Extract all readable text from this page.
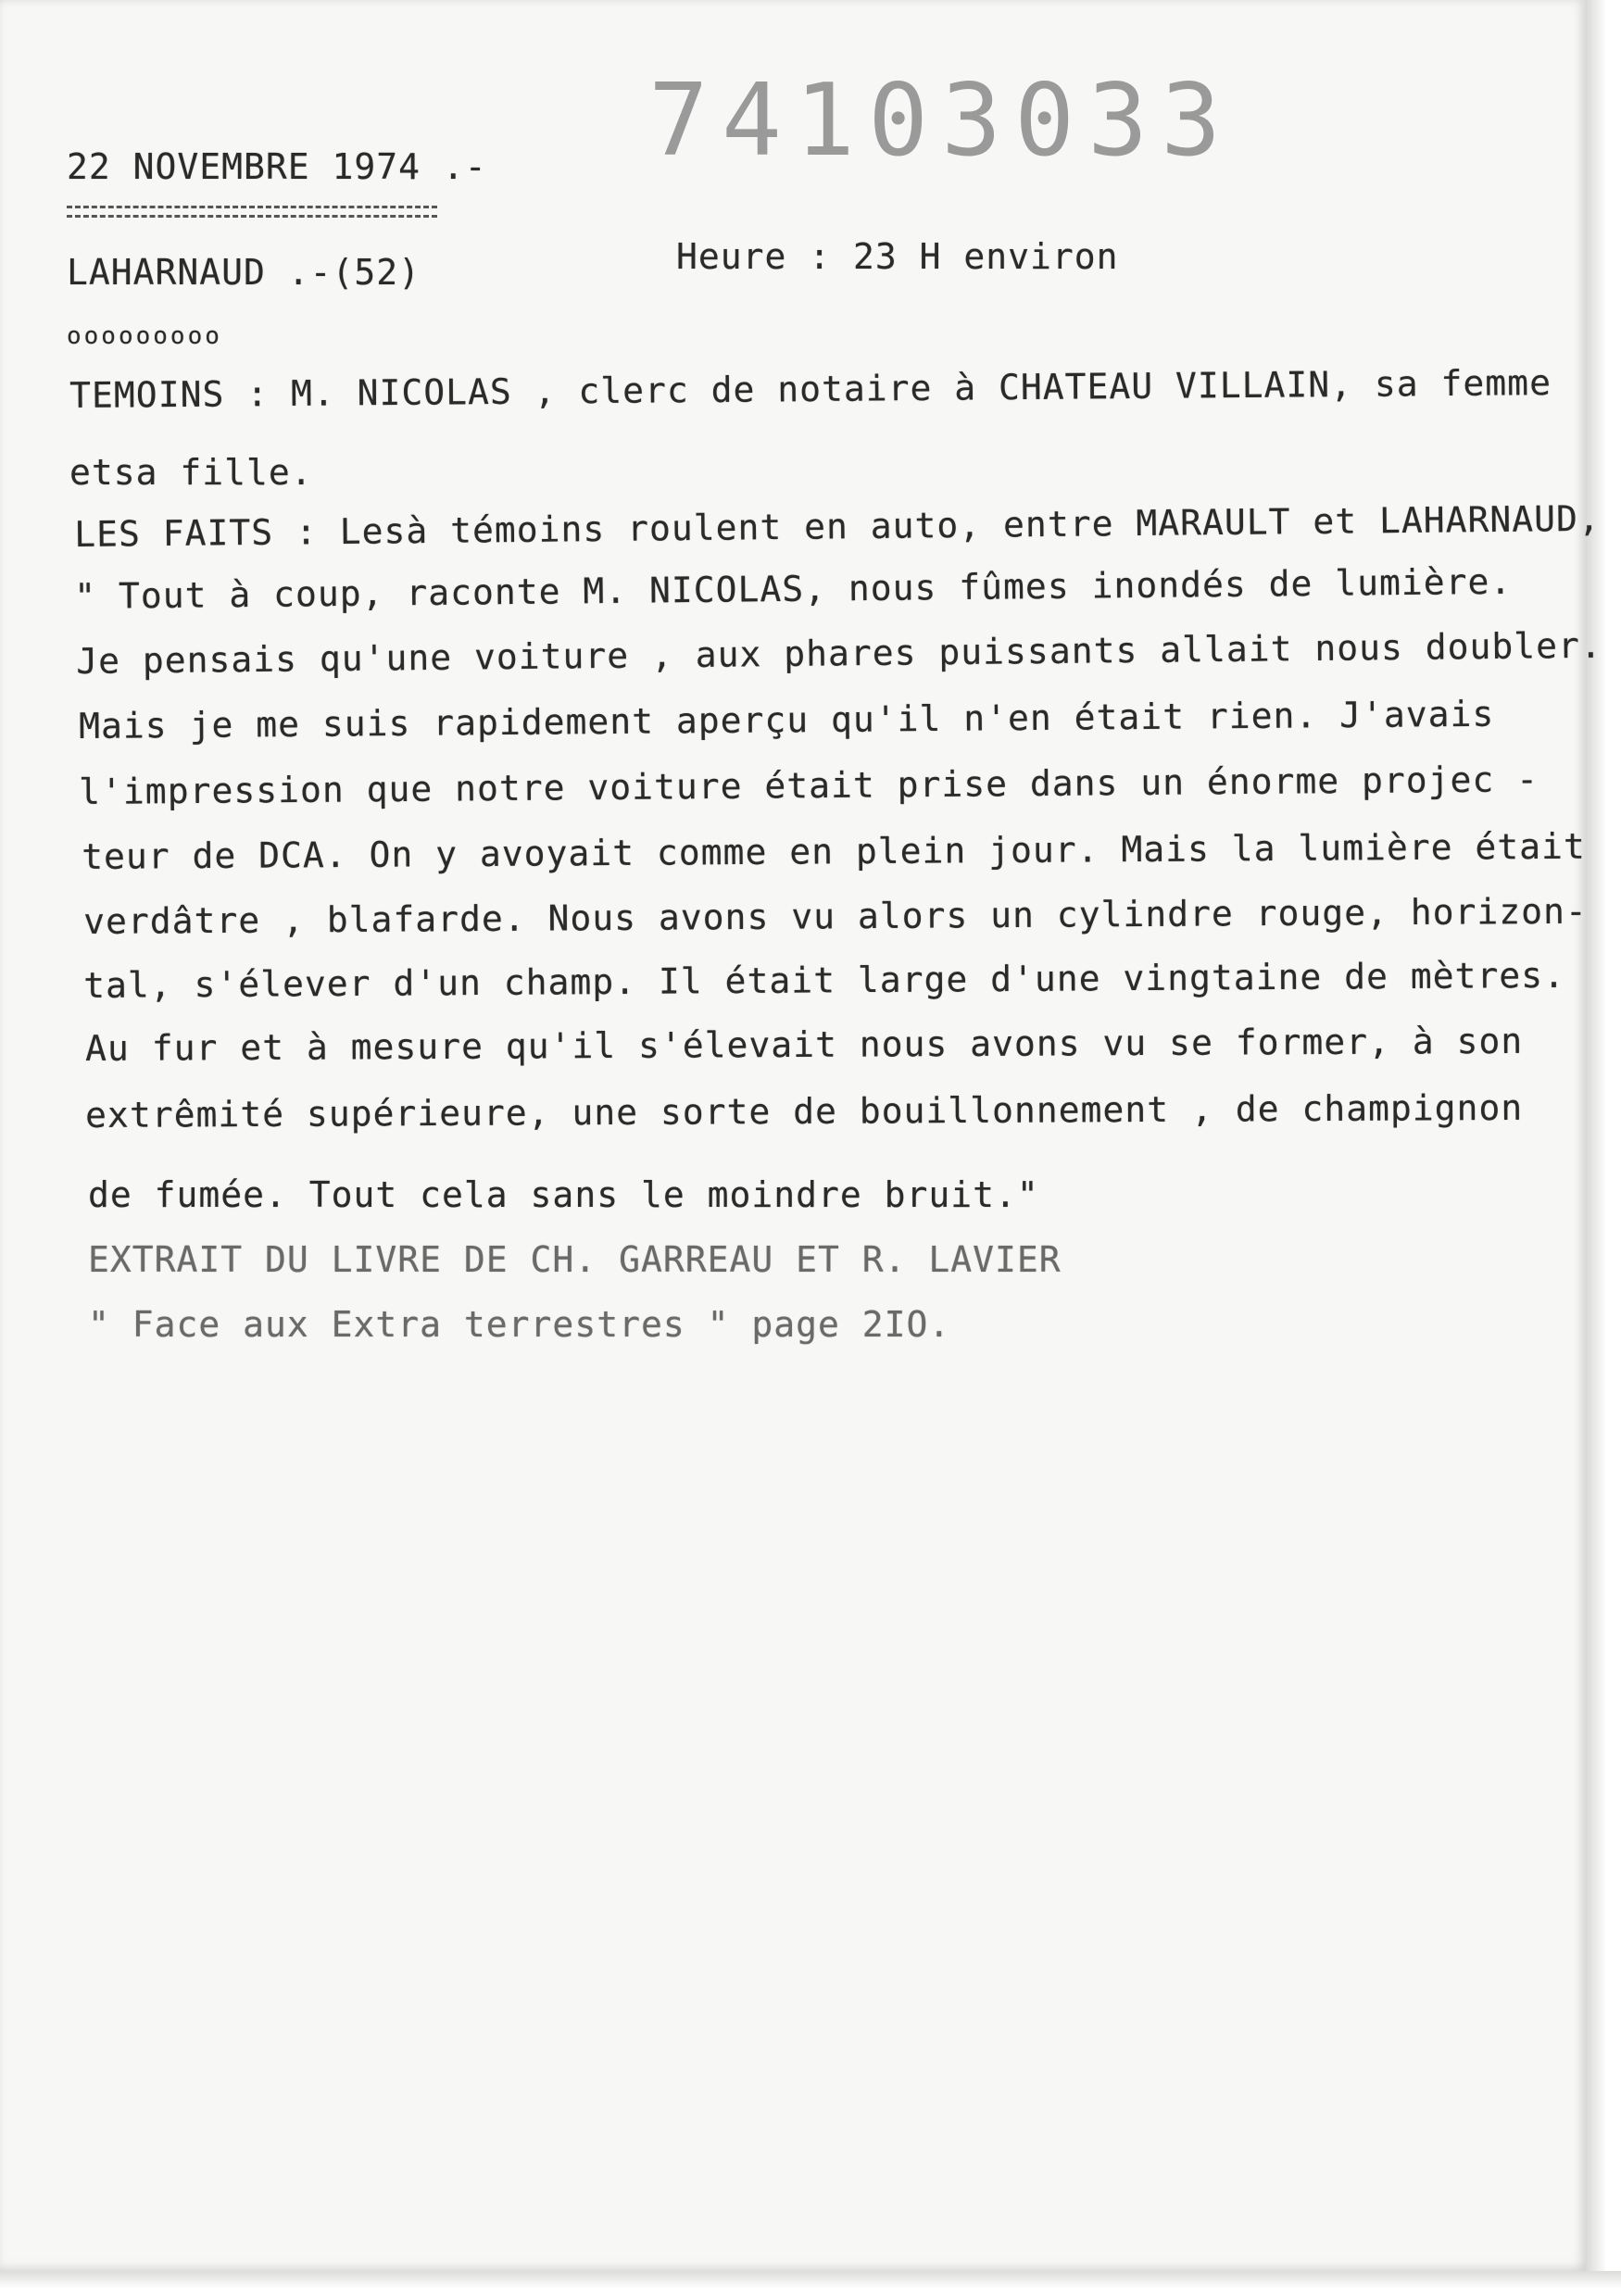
74103033
22 NOVEMBRE 1974 .-
LAHARNAUD .-(52)	Heure : 23 H environ
ooooooooo
TEMOINS : M. NICOLAS , clerc de notaire à CHATEAU VILLAIN, sa femme
etsa fille.
LES FAITS : Lesà témoins roulent en auto, entre MARAULT et LAHARNAUD,
" Tout à coup, raconte M. NICOLAS, nous fûmes inondés de lumière.
Je pensais qu'une voiture , aux phares puissants allait nous doubler.
Mais je me suis rapidement aperçu qu'il n'en était rien. J'avais
l'impression que notre voiture était prise dans un énorme projec -
teur de DCA. On y avoyait comme en plein jour. Mais la lumière était
verdâtre , blafarde. Nous avons vu alors un cylindre rouge, horizon-
tal, s'élever d'un champ. Il était large d'une vingtaine de mètres.
Au fur et à mesure qu'il s'élevait nous avons vu se former, à son
extrêmité supérieure, une sorte de bouillonnement , de champignon
de fumée. Tout cela sans le moindre bruit."
EXTRAIT DU LIVRE DE CH. GARREAU ET R. LAVIER
" Face aux Extra terrestres " page 2IO.
